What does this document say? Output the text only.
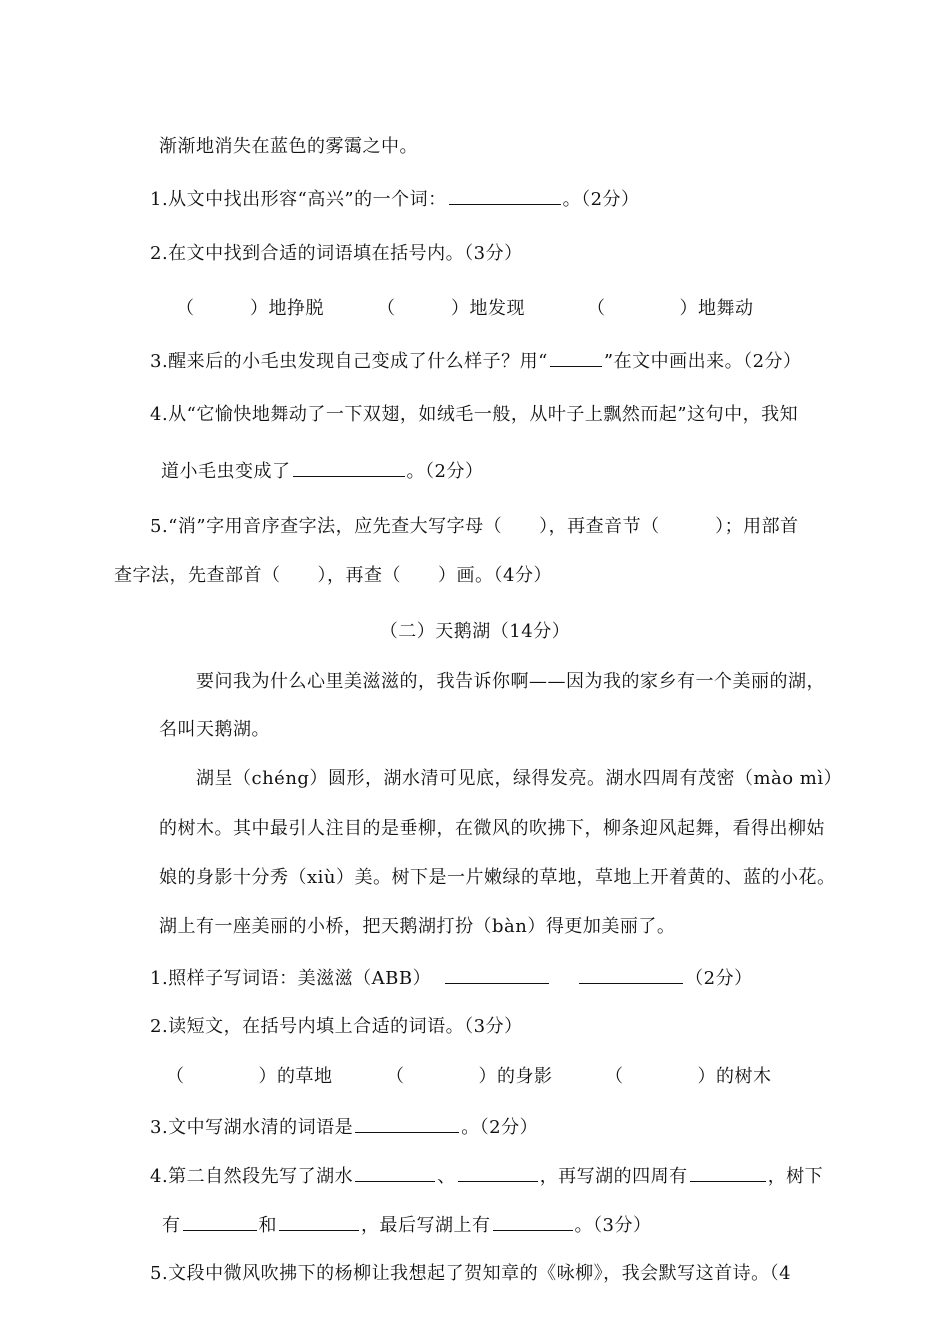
渐渐地消失在蓝色的雾霭之中。
1.从文中找出形容“高兴”的一个词：	。（2分）
2.在文中找到合适的词语填在括号内。（3分）
（　　　）地挣脱	（　　　）地发现	（　　　　）地舞动
3.醒来后的小毛虫发现自己变成了什么样子？用“	”在文中画出来。（2分）
4.从“它愉快地舞动了一下双翅，如绒毛一般，从叶子上飘然而起”这句中，我知
道小毛虫变成了	。（2分）
5.“消”字用音序查字法，应先查大写字母（　　），再查音节（　　　）；用部首
查字法，先查部首（　　），再查（　　）画。（4分）
（二）天鹅湖（14分）
要问我为什么心里美滋滋的，我告诉你啊——因为我的家乡有一个美丽的湖，
名叫天鹅湖。
湖呈（chéng）圆形，湖水清可见底，绿得发亮。湖水四周有茂密（mào mì）
的树木。其中最引人注目的是垂柳，在微风的吹拂下，柳条迎风起舞，看得出柳姑
娘的身影十分秀（xiù）美。树下是一片嫩绿的草地，草地上开着黄的、蓝的小花。
湖上有一座美丽的小桥，把天鹅湖打扮（bàn）得更加美丽了。
1.照样子写词语：美滋滋（ABB）	（2分）
2.读短文，在括号内填上合适的词语。（3分）
（　　　　）的草地	（　　　　）的身影	（　　　　）的树木
3.文中写湖水清的词语是	。（2分）
4.第二自然段先写了湖水	、	，再写湖的四周有	，树下
有	和	，最后写湖上有	。（3分）
5.文段中微风吹拂下的杨柳让我想起了贺知章的《咏柳》，我会默写这首诗。（4
